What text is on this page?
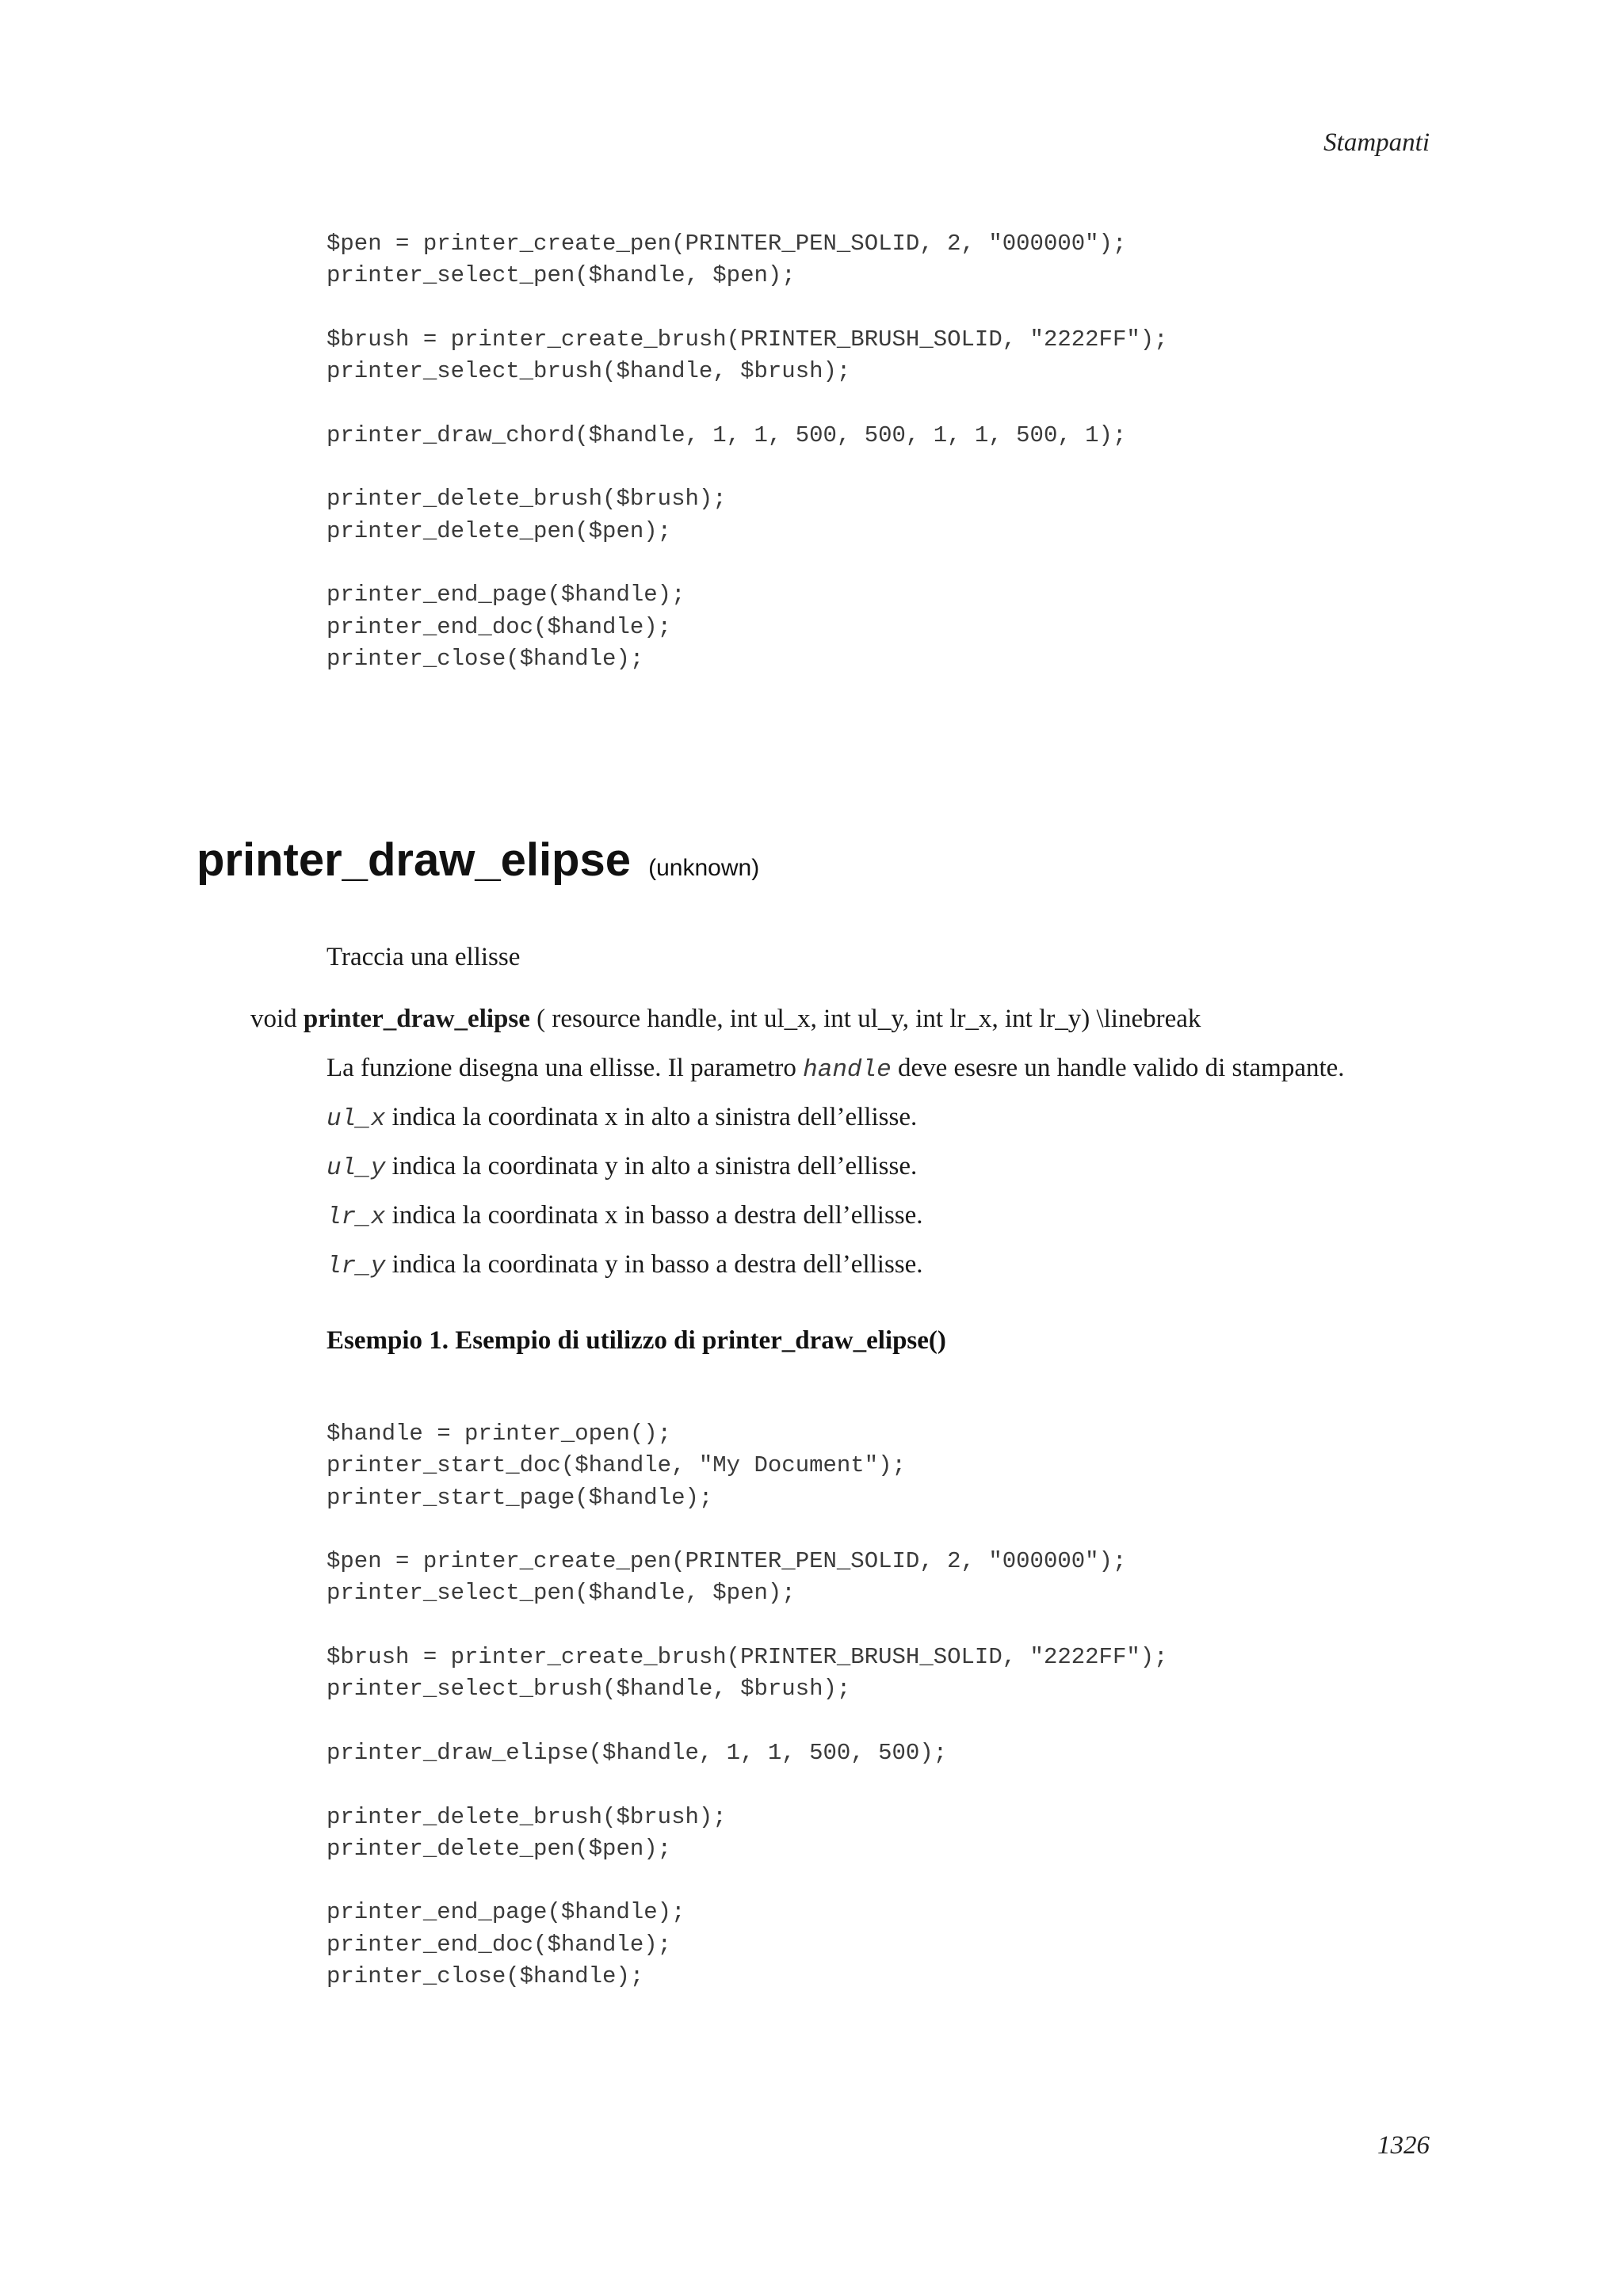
Stampanti
$pen = printer_create_pen(PRINTER_PEN_SOLID, 2, "000000");
printer_select_pen($handle, $pen);

$brush = printer_create_brush(PRINTER_BRUSH_SOLID, "2222FF");
printer_select_brush($handle, $brush);

printer_draw_chord($handle, 1, 1, 500, 500, 1, 1, 500, 1);

printer_delete_brush($brush);
printer_delete_pen($pen);

printer_end_page($handle);
printer_end_doc($handle);
printer_close($handle);
printer_draw_elipse (unknown)
Traccia una ellisse
void printer_draw_elipse ( resource handle, int ul_x, int ul_y, int lr_x, int lr_y) \linebreak
La funzione disegna una ellisse. Il parametro handle deve esesre un handle valido di stampante.
ul_x indica la coordinata x in alto a sinistra dell’ellisse.
ul_y indica la coordinata y in alto a sinistra dell’ellisse.
lr_x indica la coordinata x in basso a destra dell’ellisse.
lr_y indica la coordinata y in basso a destra dell’ellisse.
Esempio 1. Esempio di utilizzo di printer_draw_elipse()
$handle = printer_open();
printer_start_doc($handle, "My Document");
printer_start_page($handle);

$pen = printer_create_pen(PRINTER_PEN_SOLID, 2, "000000");
printer_select_pen($handle, $pen);

$brush = printer_create_brush(PRINTER_BRUSH_SOLID, "2222FF");
printer_select_brush($handle, $brush);

printer_draw_elipse($handle, 1, 1, 500, 500);

printer_delete_brush($brush);
printer_delete_pen($pen);

printer_end_page($handle);
printer_end_doc($handle);
printer_close($handle);
1326
